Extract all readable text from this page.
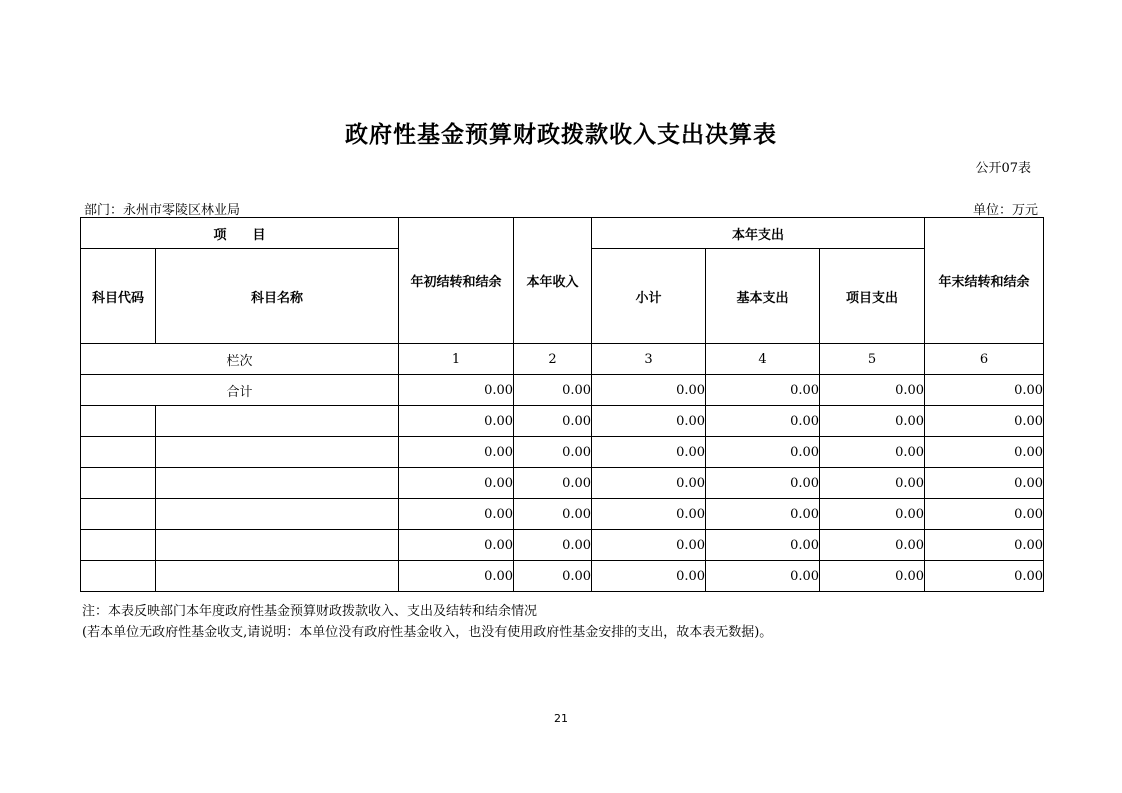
政府性基金预算财政拨款收入支出决算表
公开07表
部门：永州市零陵区林业局	单位：万元
项　　目		年初结转和结余	本年收入	本年支出			年末结转和结余
科目代码	科目名称			小计	基本支出	项目支出	
栏次		1	2	3	4	5	6
合计		0.00	0.00	0.00	0.00	0.00	0.00
		0.00	0.00	0.00	0.00	0.00	0.00
		0.00	0.00	0.00	0.00	0.00	0.00
		0.00	0.00	0.00	0.00	0.00	0.00
		0.00	0.00	0.00	0.00	0.00	0.00
		0.00	0.00	0.00	0.00	0.00	0.00
		0.00	0.00	0.00	0.00	0.00	0.00
注：本表反映部门本年度政府性基金预算财政拨款收入、支出及结转和结余情况
(若本单位无政府性基金收支,请说明：本单位没有政府性基金收入，也没有使用政府性基金安排的支出，故本表无数据)。
21
